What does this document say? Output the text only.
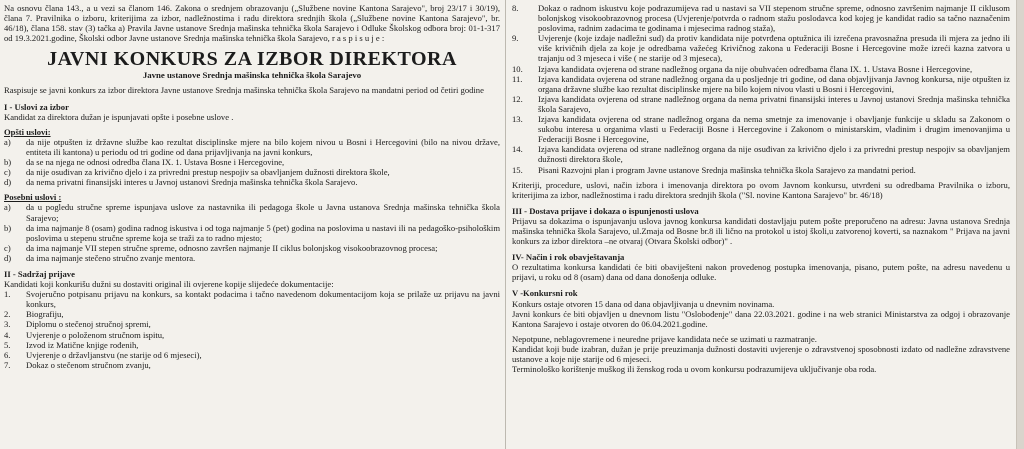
Na osnovu člana 143., a u vezi sa članom 146. Zakona o srednjem obrazovanju („Službene novine Kantona Sarajevo", broj 23/17 i 30/19), člana 7. Pravilnika o izboru, kriterijima za izbor, nadležnostima i radu direktora srednjih škola („Službene novine Kantona Sarajevo", br. 46/18), člana 158. stav (3) tačka a) Pravila Javne ustanove Srednja mašinska tehnička škola Sarajevo i Odluke Školskog odbora broj: 01-1-317 od 19.3.2021.godine, Školski odbor Javne ustanove Srednja mašinska tehnička škola Sarajevo, r a s p i s u j e :

JAVNI KONKURS ZA IZBOR DIREKTORA
Javne ustanove Srednja mašinska tehnička škola Sarajevo

Raspisuje se javni konkurs za izbor direktora Javne ustanove Srednja mašinska tehnička škola Sarajevo na mandatni period od četiri godine

I - Uslovi za izbor

Kandidat za direktora dužan je ispunjavati opšte i posebne uslove .

Opšti uslovi:
a)	da nije otpušten iz državne službe kao rezultat disciplinske mjere na bilo kojem nivou u Bosni i Hercegovini (bilo na nivou države, entiteta ili kantona) u periodu od tri godine od dana prijavljivanja na javni konkurs,
b)	da se na njega ne odnosi odredba člana IX. 1. Ustava Bosne i Hercegovine,
c)	da nije osuđivan za krivično djelo i za privredni prestup nespojiv sa obavljanjem dužnosti direktora škole,
d)	da nema privatni finansijski interes u Javnoj ustanovi Srednja mašinska tehnička škola Sarajevo.
Posebni uslovi :
a)	da u pogledu stručne spreme ispunjava uslove za nastavnika ili pedagoga škole u Javna ustanova Srednja mašinska tehnička škola Sarajevo;
b)	da ima najmanje 8 (osam) godina radnog iskustva i od toga najmanje 5 (pet) godina na poslovima u nastavi ili na pedagoško-psihološkim poslovima u stepenu stručne spreme koja se traži za to radno mjesto;
c)	da ima najmanje VII stepen stručne spreme, odnosno završen najmanje II ciklus bolonjskog visokoobrazovnog procesa;
d)	da ima najmanje stečeno stručno zvanje mentora.
II - Sadržaj prijave

Kandidati koji konkurišu dužni su dostaviti original ili ovjerene kopije slijedeće dokumentacije:

1.	Svojeručno potpisanu prijavu na konkurs, sa kontakt podacima i tačno navedenom dokumentacijom koja se prilaže uz prijavu na javni konkurs,
2.	Biografiju,
3.	Diplomu o stečenoj stručnoj spremi,
4.	Uvjerenje o položenom stručnom ispitu,
5.	Izvod iz Matične knjige rođenih,
6.	Uvjerenje o državljanstvu (ne starije od 6 mjeseci),
7.	Dokaz o stečenom stručnom zvanju,
8.	Dokaz o radnom iskustvu koje podrazumijeva rad u nastavi sa VII stepenom stručne spreme, odnosno završenim najmanje II ciklusom bolonjskog visokoobrazovnog procesa (Uvjerenje/potvrda o radnom stažu poslodavca kod kojeg je kandidat radio sa tačno naznačenim poslovima, radnim zadacima te godinama i mjesecima radnog staža),
9.	Uvjerenje (koje izdaje nadležni sud) da protiv kandidata nije potvrđena optužnica ili izrečena pravosnažna presuda ili mjera za jedno ili više krivičnih djela za koje je odredbama važećeg Krivičnog zakona u Federaciji Bosne i Hercegovine može izreći kazna zatvora u trajanju od 3 mjeseca i više ( ne starije od 3 mjeseca),
10.	Izjava kandidata ovjerena od strane nadležnog organa da nije obuhvaćen odredbama člana IX. 1. Ustava Bosne i Hercegovine,
11.	Izjava kandidata ovjerena od strane nadležnog organa da u posljednje tri godine, od dana objavljivanja Javnog konkursa, nije otpušten iz organa državne službe kao rezultat disciplinske mjere na bilo kojem nivou vlasti u Bosni i Hercegovini,
12.	Izjava kandidata ovjerena od strane nadležnog organa da nema privatni finansijski interes u Javnoj ustanovi Srednja mašinska tehnička škola Sarajevo,
13.	Izjava kandidata ovjerena od strane nadležnog organa da nema smetnje za imenovanje i obavljanje funkcije u skladu sa Zakonom o sukobu interesa u organima vlasti u Federaciji Bosne i Hercegovine i Zakonom o ministarskim, vladinim i drugim imenovanjima u Federaciji Bosne i Hercegovine,
14.	Izjava kandidata ovjerena od strane nadležnog organa da nije osuđivan za krivično djelo i za privredni prestup nespojiv sa obavljanjem dužnosti direktora škole,
15.	Pisani Razvojni plan i program Javne ustanove Srednja mašinska tehnička škola Sarajevo za mandatni period.

Kriteriji, procedure, uslovi, način izbora i imenovanja direktora po ovom Javnom konkursu, utvrđeni su odredbama Pravilnika o izboru, kriterijima za izbor, nadležnostima i radu direktora srednjih škola ("Sl. novine Kantona Sarajevo" br. 46/18)

III - Dostava prijave i dokaza o ispunjenosti uslova

Prijavu sa dokazima o ispunjavanju uslova javnog konkursa kandidati dostavljaju putem pošte preporučeno na adresu: Javna ustanova Srednja mašinska tehnička škola Sarajevo, ul.Zmaja od Bosne br.8 ili lično na protokol u istoj školi,u zatvorenoj koverti, sa naznakom " Prijava na javni konkurs za izbor direktora –ne otvaraj (Otvara Školski odbor)" .

IV- Način i rok obavještavanja

O rezultatima konkursa kandidati će biti obaviješteni nakon provedenog postupka imenovanja, pisano, putem pošte, na adresu navedenu u prijavi, u roku od 8 (osam) dana od dana donošenja odluke.

V -Konkursni rok

Konkurs ostaje otvoren 15 dana od dana objavljivanja u dnevnim novinama.

Javni konkurs će biti objavljen u dnevnom listu "Oslobođenje" dana 22.03.2021. godine i na web stranici Ministarstva za odgoj i obrazovanje Kantona Sarajevo i ostaje otvoren do 06.04.2021.godine.

Nepotpune, neblagovremene i neuredne prijave kandidata neće se uzimati u razmatranje.

Kandidat koji bude izabran, dužan je prije preuzimanja dužnosti dostaviti uvjerenje o zdravstvenoj sposobnosti izdato od nadležne zdravstvene ustanove a koje nije starije od 6 mjeseci.

Terminološko korištenje muškog ili ženskog roda u ovom konkursu podrazumijeva uključivanje oba roda.
